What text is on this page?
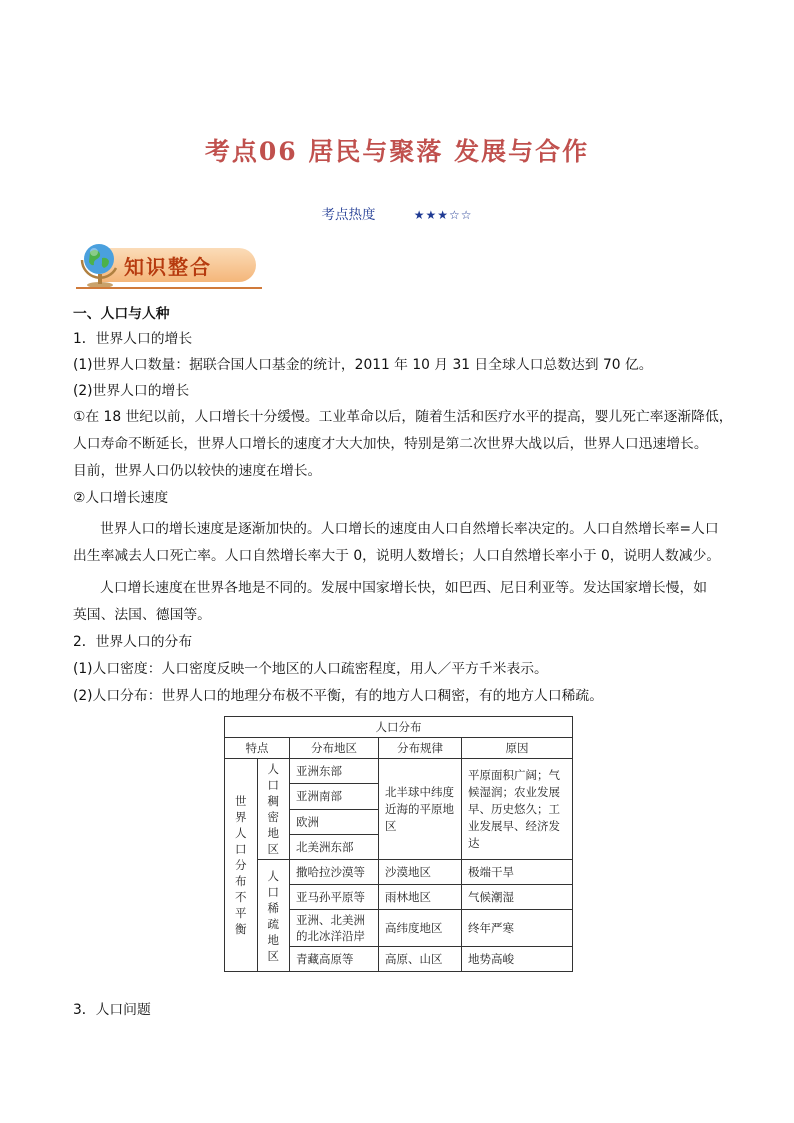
考点06 居民与聚落 发展与合作
考点热度	★★★☆☆
知识整合
一、人口与人种
1．世界人口的增长
(1)世界人口数量：据联合国人口基金的统计，2011 年 10 月 31 日全球人口总数达到 70 亿。
(2)世界人口的增长
①在 18 世纪以前，人口增长十分缓慢。工业革命以后，随着生活和医疗水平的提高，婴儿死亡率逐渐降低，
人口寿命不断延长，世界人口增长的速度才大大加快，特别是第二次世界大战以后，世界人口迅速增长。
目前，世界人口仍以较快的速度在增长。
②人口增长速度
世界人口的增长速度是逐渐加快的。人口增长的速度由人口自然增长率决定的。人口自然增长率=人口
出生率减去人口死亡率。人口自然增长率大于 0，说明人数增长；人口自然增长率小于 0，说明人数减少。
人口增长速度在世界各地是不同的。发展中国家增长快，如巴西、尼日利亚等。发达国家增长慢，如
英国、法国、德国等。
2．世界人口的分布
(1)人口密度：人口密度反映一个地区的人口疏密程度，用人／平方千米表示。
(2)人口分布：世界人口的地理分布极不平衡，有的地方人口稠密，有的地方人口稀疏。
人口分布				
特点		分布地区	分布规律	原因
世界人口分布不平衡	人口稠密地区	亚洲东部	北半球中纬度近海的平原地区	平原面积广阔；气候湿润；农业发展早、历史悠久；工业发展早、经济发达
		亚洲南部		
		欧洲		
		北美洲东部		
	人口稀疏地区	撒哈拉沙漠等	沙漠地区	极端干旱
		亚马孙平原等	雨林地区	气候潮湿
		亚洲、北美洲的北冰洋沿岸	高纬度地区	终年严寒
		青藏高原等	高原、山区	地势高峻
3．人口问题
